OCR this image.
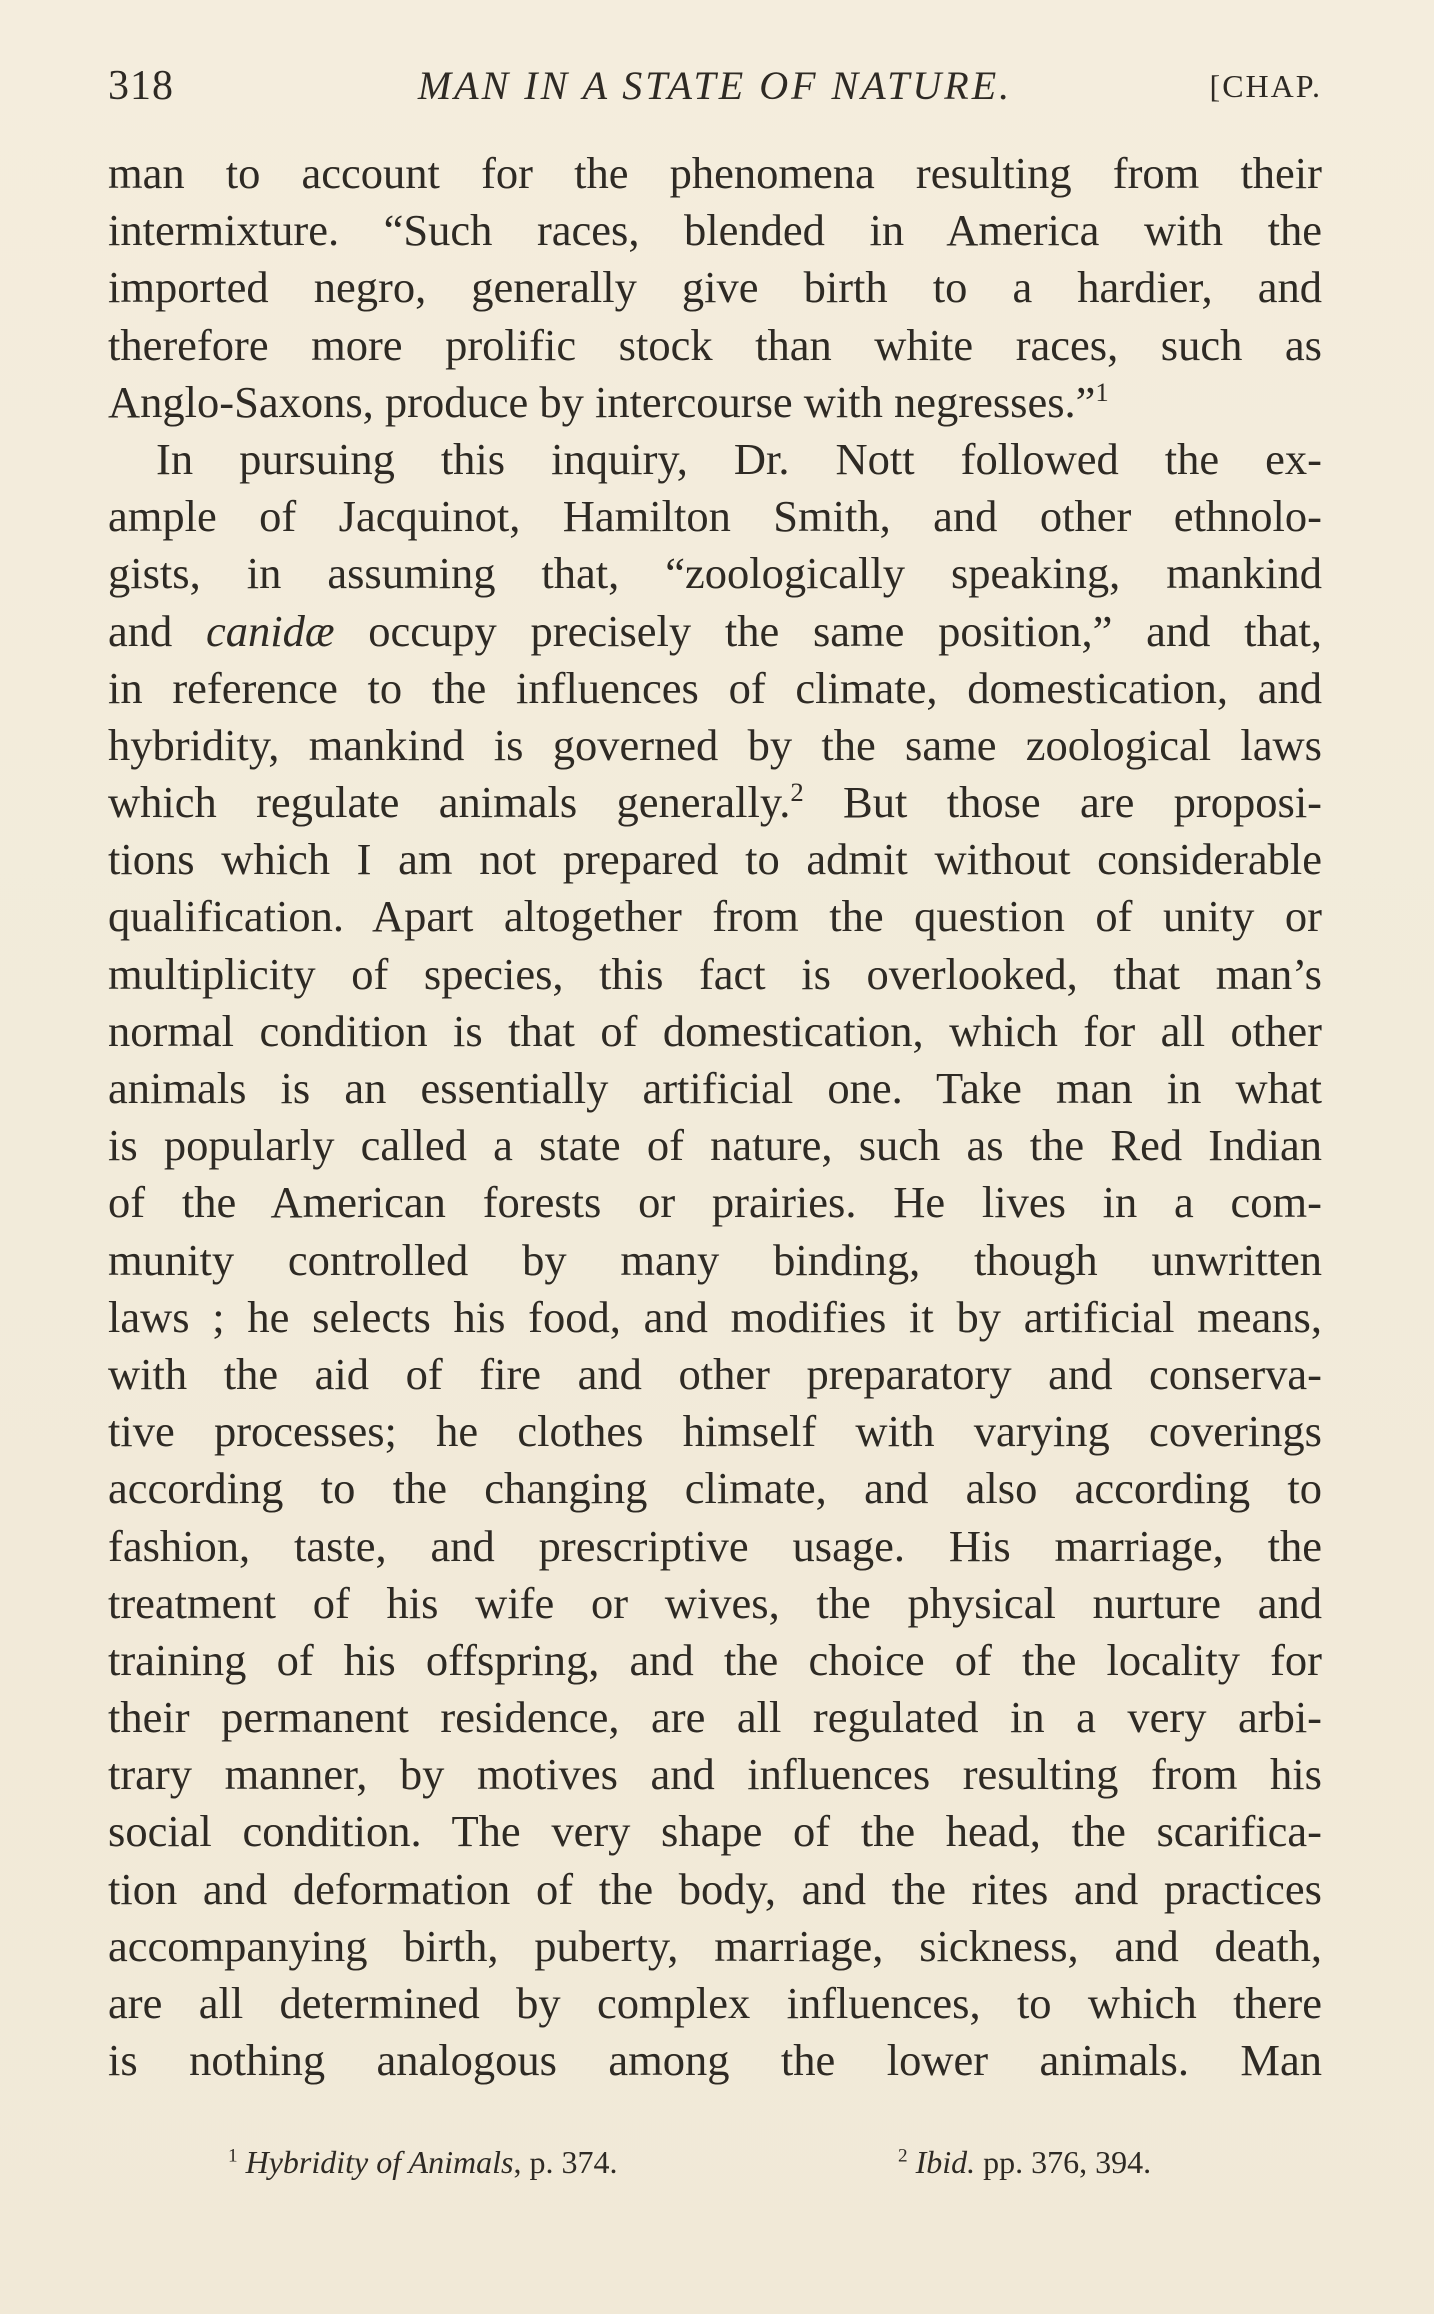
318	MAN IN A STATE OF NATURE.	[CHAP.
man to account for the phenomena resulting from their
intermixture. “Such races, blended in America with the
imported negro, generally give birth to a hardier, and
therefore more prolific stock than white races, such as
Anglo-Saxons, produce by intercourse with negresses.”$^1$
In pursuing this inquiry, Dr. Nott followed the ex-
ample of Jacquinot, Hamilton Smith, and other ethnolo-
gists, in assuming that, “zoologically speaking, mankind
and canidæ occupy precisely the same position,” and that,
in reference to the influences of climate, domestication, and
hybridity, mankind is governed by the same zoological laws
which regulate animals generally.$^2$ But those are proposi-
tions which I am not prepared to admit without considerable
qualification. Apart altogether from the question of unity or
multiplicity of species, this fact is overlooked, that man’s
normal condition is that of domestication, which for all other
animals is an essentially artificial one. Take man in what
is popularly called a state of nature, such as the Red Indian
of the American forests or prairies. He lives in a com-
munity controlled by many binding, though unwritten
laws ; he selects his food, and modifies it by artificial means,
with the aid of fire and other preparatory and conserva-
tive processes; he clothes himself with varying coverings
according to the changing climate, and also according to
fashion, taste, and prescriptive usage. His marriage, the
treatment of his wife or wives, the physical nurture and
training of his offspring, and the choice of the locality for
their permanent residence, are all regulated in a very arbi-
trary manner, by motives and influences resulting from his
social condition. The very shape of the head, the scarifica-
tion and deformation of the body, and the rites and practices
accompanying birth, puberty, marriage, sickness, and death,
are all determined by complex influences, to which there
is nothing analogous among the lower animals. Man
$^1$ Hybridity of Animals, p. 374.	$^2$ Ibid. pp. 376, 394.
